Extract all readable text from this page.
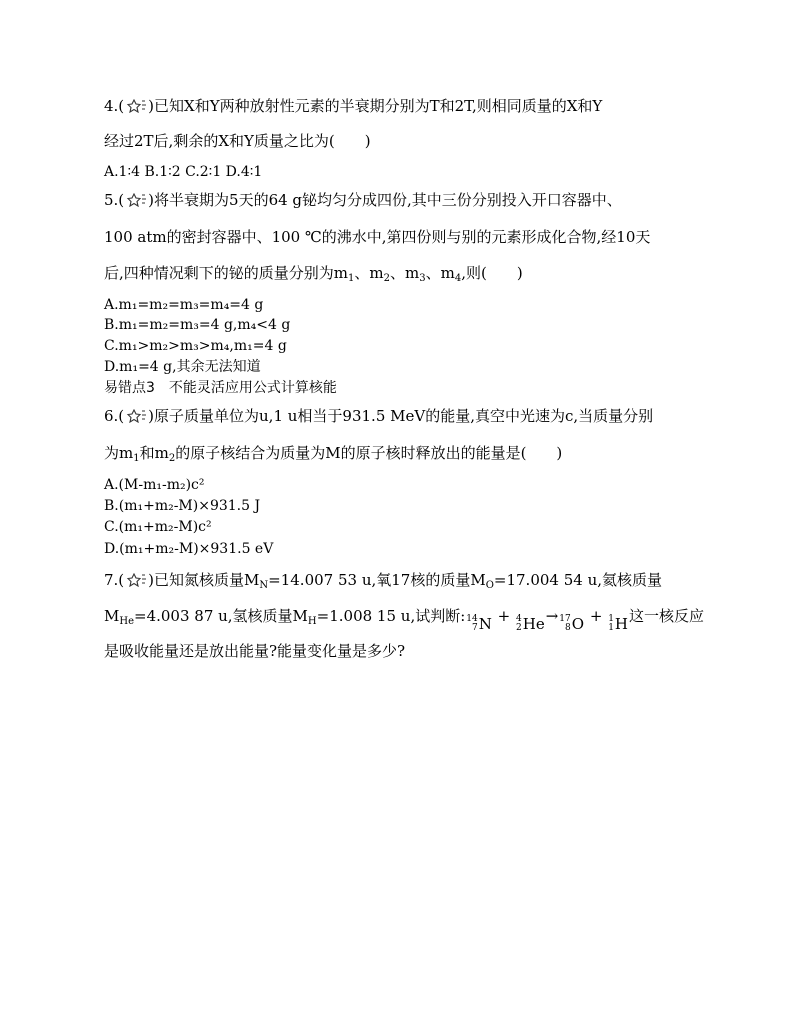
4.( )已知X和Y两种放射性元素的半衰期分别为T和2T,则相同质量的X和Y
经过2T后,剩余的X和Y质量之比为(　　)
A.1∶4 B.1∶2 C.2∶1 D.4∶1
5.( )将半衰期为5天的64 g铋均匀分成四份,其中三份分别投入开口容器中、
100 atm的密封容器中、100 ℃的沸水中,第四份则与别的元素形成化合物,经10天
后,四种情况剩下的铋的质量分别为$m_1$、$m_2$、$m_3$、$m_4$,则(　　)
A.m₁=m₂=m₃=m₄=4 g
B.m₁=m₂=m₃=4 g,m₄<4 g
C.m₁>m₂>m₃>m₄,m₁=4 g
D.m₁=4 g,其余无法知道
易错点3　不能灵活应用公式计算核能
6.( )原子质量单位为u,1 u相当于931.5 MeV的能量,真空中光速为c,当质量分别
为$m_1$和$m_2$的原子核结合为质量为M的原子核时释放出的能量是(　　)
A.(M-m₁-m₂)c²
B.(m₁+m₂-M)×931.5 J
C.(m₁+m₂-M)c²
D.(m₁+m₂-M)×931.5 eV
7.( )已知氮核质量$M_N=14.007$ 53 u,氧17核的质量$M_O=17.004$ 54 u,氦核质量
$M_{He}=4.003$ 87 u,氢核质量$M_H=1.008$ 15 u,试判断: 14
7 N + 4
2 He → 17
8 O + 1
1 H 这一核反应
是吸收能量还是放出能量?能量变化量是多少?
